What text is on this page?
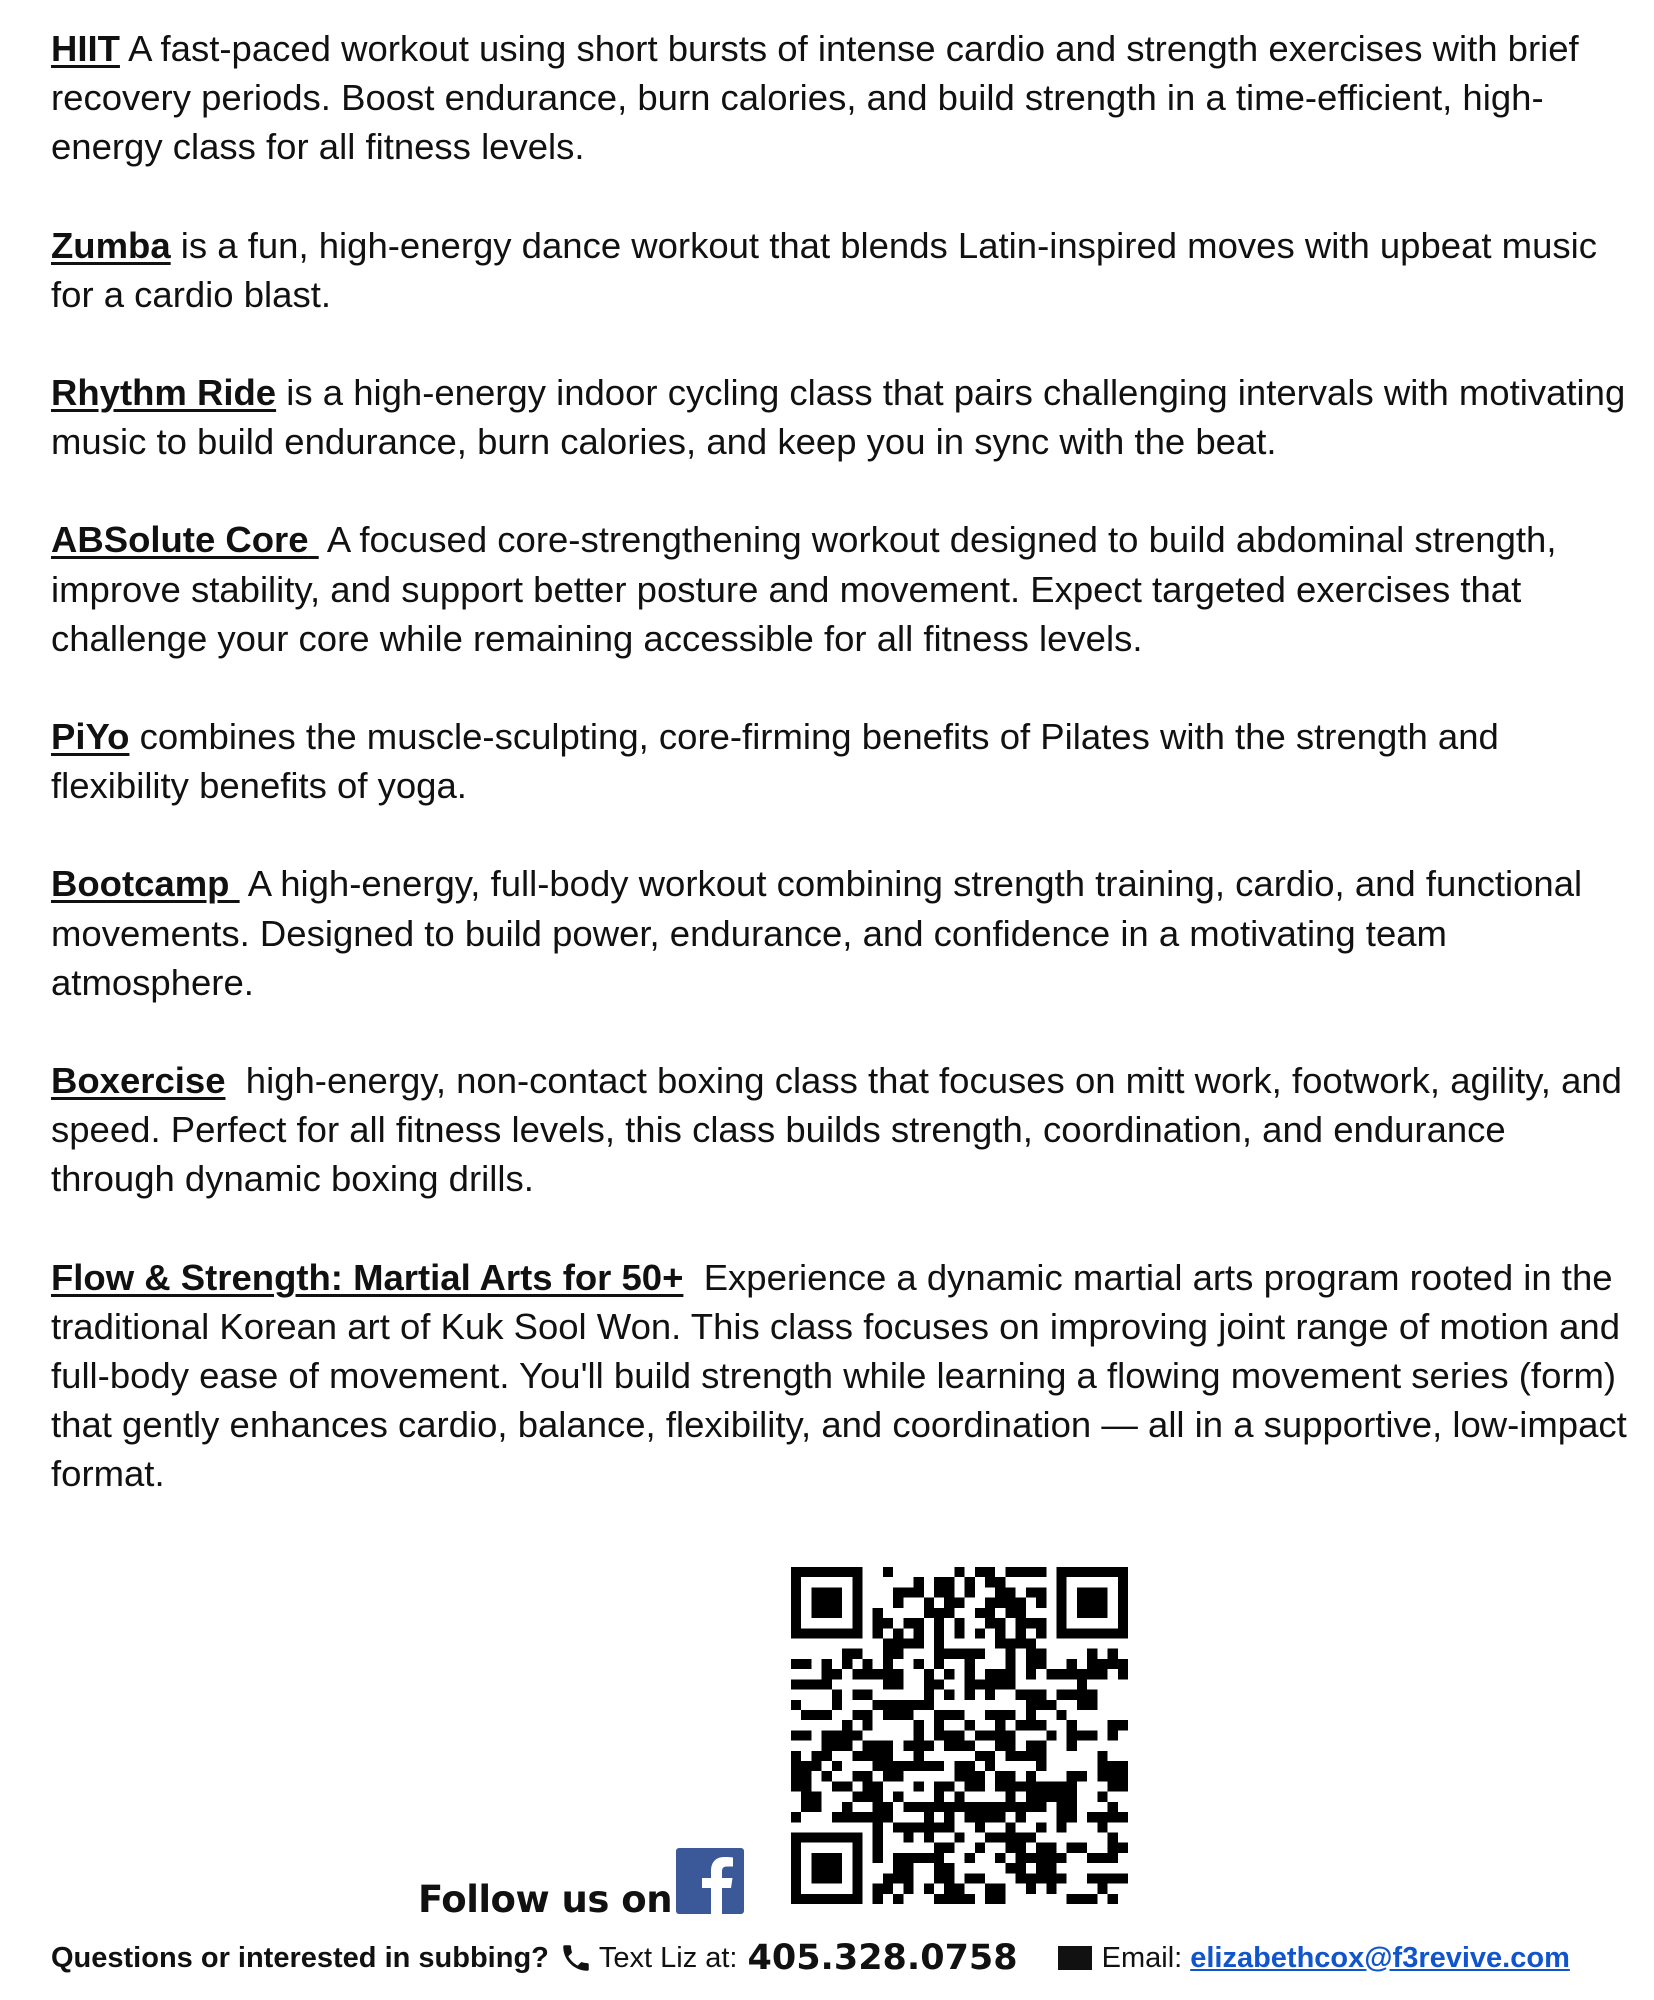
HIIT A fast-paced workout using short bursts of intense cardio and strength exercises with brief recovery periods. Boost endurance, burn calories, and build strength in a time-efficient, high-energy class for all fitness levels.

Zumba is a fun, high-energy dance workout that blends Latin-inspired moves with upbeat music for a cardio blast.

Rhythm Ride is a high-energy indoor cycling class that pairs challenging intervals with motivating music to build endurance, burn calories, and keep you in sync with the beat.

ABSolute Core  A focused core-strengthening workout designed to build abdominal strength, improve stability, and support better posture and movement. Expect targeted exercises that challenge your core while remaining accessible for all fitness levels.

PiYo combines the muscle-sculpting, core-firming benefits of Pilates with the strength and flexibility benefits of yoga.

Bootcamp  A high-energy, full-body workout combining strength training, cardio, and functional movements. Designed to build power, endurance, and confidence in a motivating team atmosphere.

Boxercise  high-energy, non-contact boxing class that focuses on mitt work, footwork, agility, and speed. Perfect for all fitness levels, this class builds strength, coordination, and endurance through dynamic boxing drills.

Flow & Strength: Martial Arts for 50+  Experience a dynamic martial arts program rooted in the traditional Korean art of Kuk Sool Won. This class focuses on improving joint range of motion and full-body ease of movement. You'll build strength while learning a flowing movement series (form) that gently enhances cardio, balance, flexibility, and coordination — all in a supportive, low-impact format.

Follow us on
Questions or interested in subbing? Text Liz at: 405.328.0758	Email: elizabethcox@f3revive.com
